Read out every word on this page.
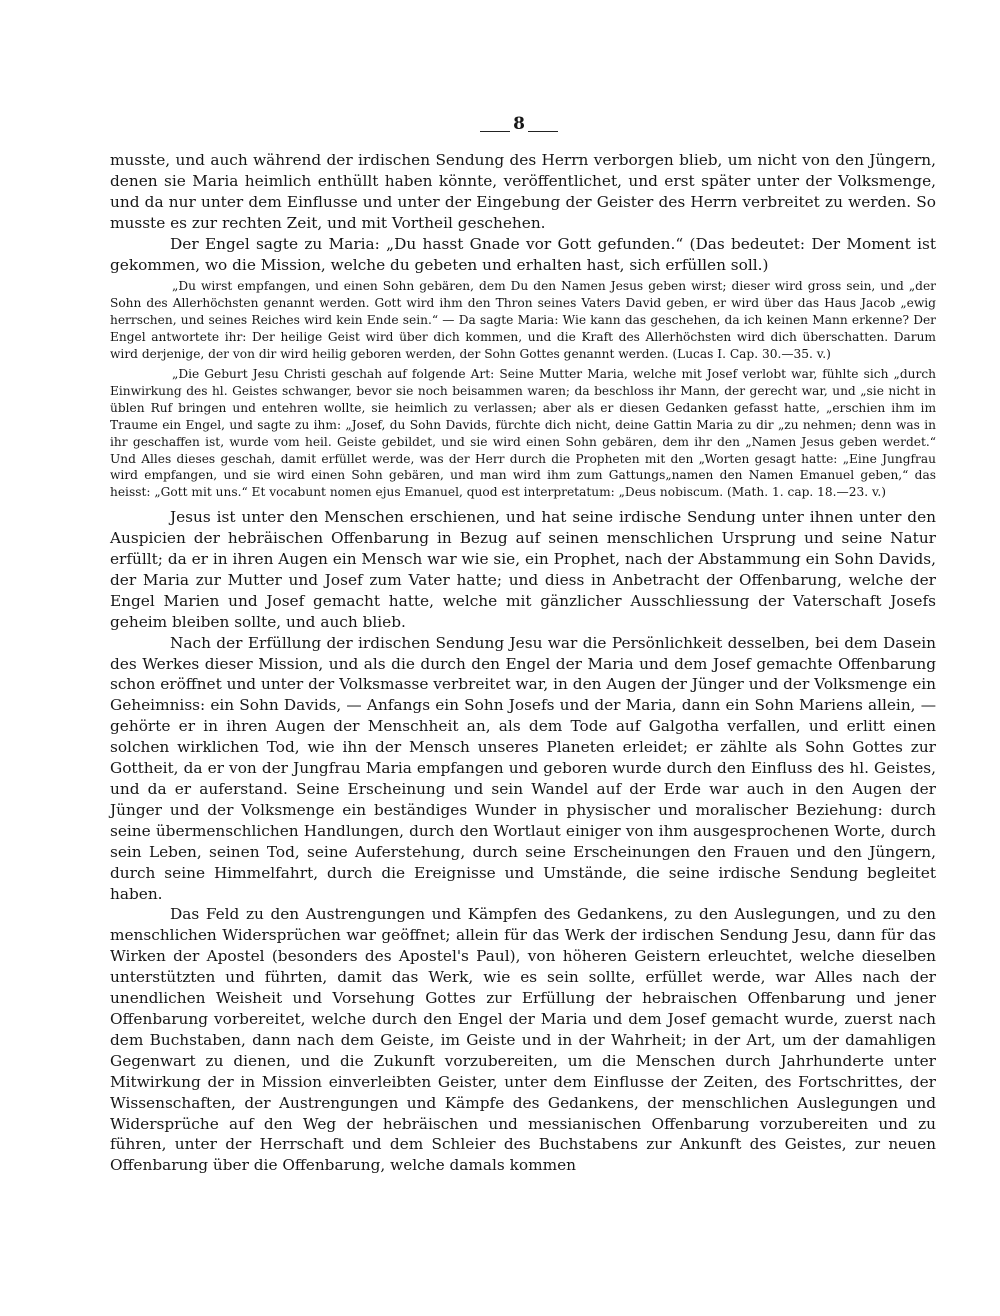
8

musste, und auch während der irdischen Sendung des Herrn verborgen blieb, um nicht von den Jüngern, denen sie Maria heimlich enthüllt haben könnte, veröffentlichet, und erst später unter der Volksmenge, und da nur unter dem Einflusse und unter der Eingebung der Geister des Herrn verbreitet zu werden. So musste es zur rechten Zeit, und mit Vortheil geschehen.

Der Engel sagte zu Maria: „Du hasst Gnade vor Gott gefunden.“ (Das bedeutet: Der Moment ist gekommen, wo die Mission, welche du gebeten und erhalten hast, sich erfüllen soll.)

„Du wirst empfangen, und einen Sohn gebären, dem Du den Namen Jesus geben wirst; dieser wird gross sein, und „der Sohn des Allerhöchsten genannt werden. Gott wird ihm den Thron seines Vaters David geben, er wird über das Haus Jacob „ewig herrschen, und seines Reiches wird kein Ende sein.“ — Da sagte Maria: Wie kann das geschehen, da ich keinen Mann erkenne? Der Engel antwortete ihr: Der heilige Geist wird über dich kommen, und die Kraft des Allerhöchsten wird dich überschatten. Darum wird derjenige, der von dir wird heilig geboren werden, der Sohn Gottes genannt werden. (Lucas I. Cap. 30.—35. v.)

„Die Geburt Jesu Christi geschah auf folgende Art: Seine Mutter Maria, welche mit Josef verlobt war, fühlte sich „durch Einwirkung des hl. Geistes schwanger, bevor sie noch beisammen waren; da beschloss ihr Mann, der gerecht war, und „sie nicht in üblen Ruf bringen und entehren wollte, sie heimlich zu verlassen; aber als er diesen Gedanken gefasst hatte, „erschien ihm im Traume ein Engel, und sagte zu ihm: „Josef, du Sohn Davids, fürchte dich nicht, deine Gattin Maria zu dir „zu nehmen; denn was in ihr geschaffen ist, wurde vom heil. Geiste gebildet, und sie wird einen Sohn gebären, dem ihr den „Namen Jesus geben werdet.“ Und Alles dieses geschah, damit erfüllet werde, was der Herr durch die Propheten mit den „Worten gesagt hatte: „Eine Jungfrau wird empfangen, und sie wird einen Sohn gebären, und man wird ihm zum Gattungs„namen den Namen Emanuel geben,“ das heisst: „Gott mit uns.“ Et vocabunt nomen ejus Emanuel, quod est interpretatum: „Deus nobiscum. (Math. 1. cap. 18.—23. v.)

Jesus ist unter den Menschen erschienen, und hat seine irdische Sendung unter ihnen unter den Auspicien der hebräischen Offenbarung in Bezug auf seinen menschlichen Ursprung und seine Natur erfüllt; da er in ihren Augen ein Mensch war wie sie, ein Prophet, nach der Abstammung ein Sohn Davids, der Maria zur Mutter und Josef zum Vater hatte; und diess in Anbetracht der Offenbarung, welche der Engel Marien und Josef gemacht hatte, welche mit gänzlicher Ausschliessung der Vaterschaft Josefs geheim bleiben sollte, und auch blieb.

Nach der Erfüllung der irdischen Sendung Jesu war die Persönlichkeit desselben, bei dem Dasein des Werkes dieser Mission, und als die durch den Engel der Maria und dem Josef gemachte Offenbarung schon eröffnet und unter der Volksmasse verbreitet war, in den Augen der Jünger und der Volksmenge ein Geheimniss: ein Sohn Davids, — Anfangs ein Sohn Josefs und der Maria, dann ein Sohn Mariens allein, — gehörte er in ihren Augen der Menschheit an, als dem Tode auf Galgotha verfallen, und erlitt einen solchen wirklichen Tod, wie ihn der Mensch unseres Planeten erleidet; er zählte als Sohn Gottes zur Gottheit, da er von der Jungfrau Maria empfangen und geboren wurde durch den Einfluss des hl. Geistes, und da er auferstand. Seine Erscheinung und sein Wandel auf der Erde war auch in den Augen der Jünger und der Volksmenge ein beständiges Wunder in physischer und moralischer Beziehung: durch seine übermenschlichen Handlungen, durch den Wortlaut einiger von ihm ausgesprochenen Worte, durch sein Leben, seinen Tod, seine Auferstehung, durch seine Erscheinungen den Frauen und den Jüngern, durch seine Himmelfahrt, durch die Ereignisse und Umstände, die seine irdische Sendung begleitet haben.

Das Feld zu den Austrengungen und Kämpfen des Gedankens, zu den Auslegungen, und zu den menschlichen Widersprüchen war geöffnet; allein für das Werk der irdischen Sendung Jesu, dann für das Wirken der Apostel (besonders des Apostel's Paul), von höheren Geistern erleuchtet, welche dieselben unterstützten und führten, damit das Werk, wie es sein sollte, erfüllet werde, war Alles nach der unendlichen Weisheit und Vorsehung Gottes zur Erfüllung der hebraischen Offenbarung und jener Offenbarung vorbereitet, welche durch den Engel der Maria und dem Josef gemacht wurde, zuerst nach dem Buchstaben, dann nach dem Geiste, im Geiste und in der Wahrheit; in der Art, um der damahligen Gegenwart zu dienen, und die Zukunft vorzubereiten, um die Menschen durch Jahrhunderte unter Mitwirkung der in Mission einverleibten Geister, unter dem Einflusse der Zeiten, des Fortschrittes, der Wissenschaften, der Austrengungen und Kämpfe des Gedankens, der menschlichen Auslegungen und Widersprüche auf den Weg der hebräischen und messianischen Offenbarung vorzubereiten und zu führen, unter der Herrschaft und dem Schleier des Buchstabens zur Ankunft des Geistes, zur neuen Offenbarung über die Offenbarung, welche damals kommen
